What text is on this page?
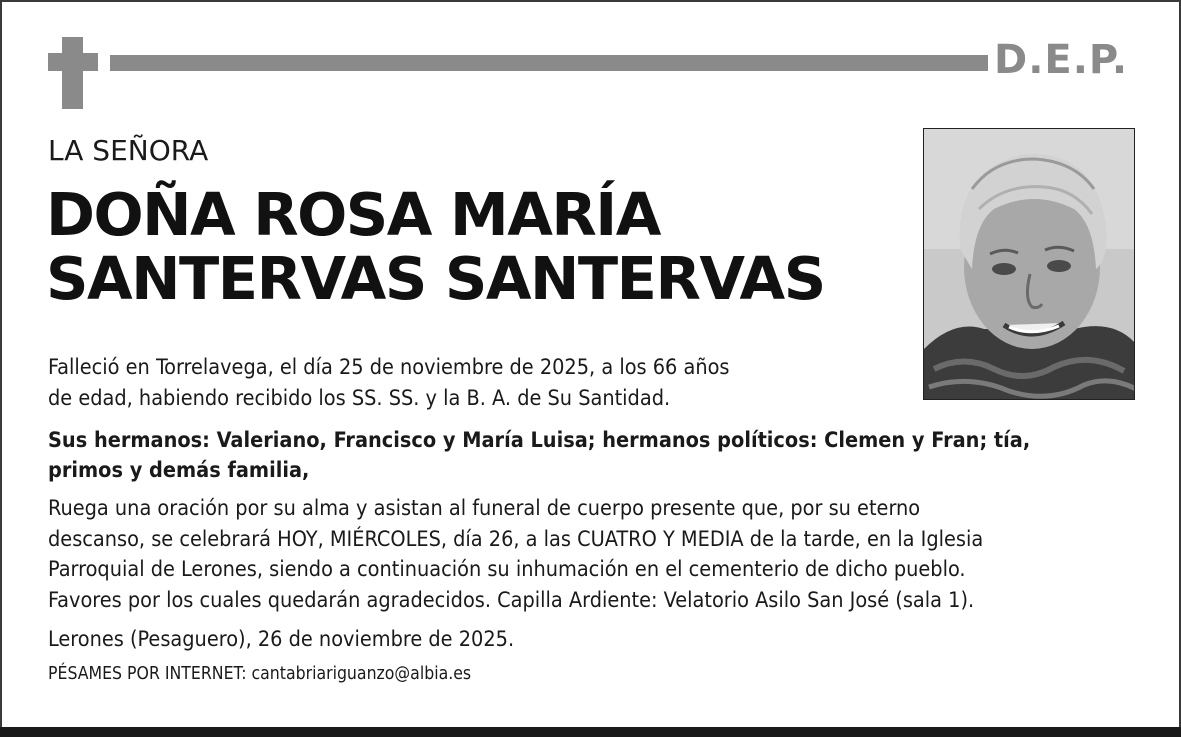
D.E.P.
LA SEÑORA
DOÑA ROSA MARÍA
SANTERVAS SANTERVAS
Falleció en Torrelavega, el día 25 de noviembre de 2025, a los 66 años
de edad, habiendo recibido los SS. SS. y la B. A. de Su Santidad.
Sus hermanos: Valeriano, Francisco y María Luisa; hermanos políticos: Clemen y Fran; tía,
primos y demás familia,
Ruega una oración por su alma y asistan al funeral de cuerpo presente que, por su eterno
descanso, se celebrará HOY, MIÉRCOLES, día 26, a las CUATRO Y MEDIA de la tarde, en la Iglesia
Parroquial de Lerones, siendo a continuación su inhumación en el cementerio de dicho pueblo.
Favores por los cuales quedarán agradecidos. Capilla Ardiente: Velatorio Asilo San José (sala 1).
Lerones (Pesaguero), 26 de noviembre de 2025.
PÉSAMES POR INTERNET: cantabriariguanzo@albia.es
